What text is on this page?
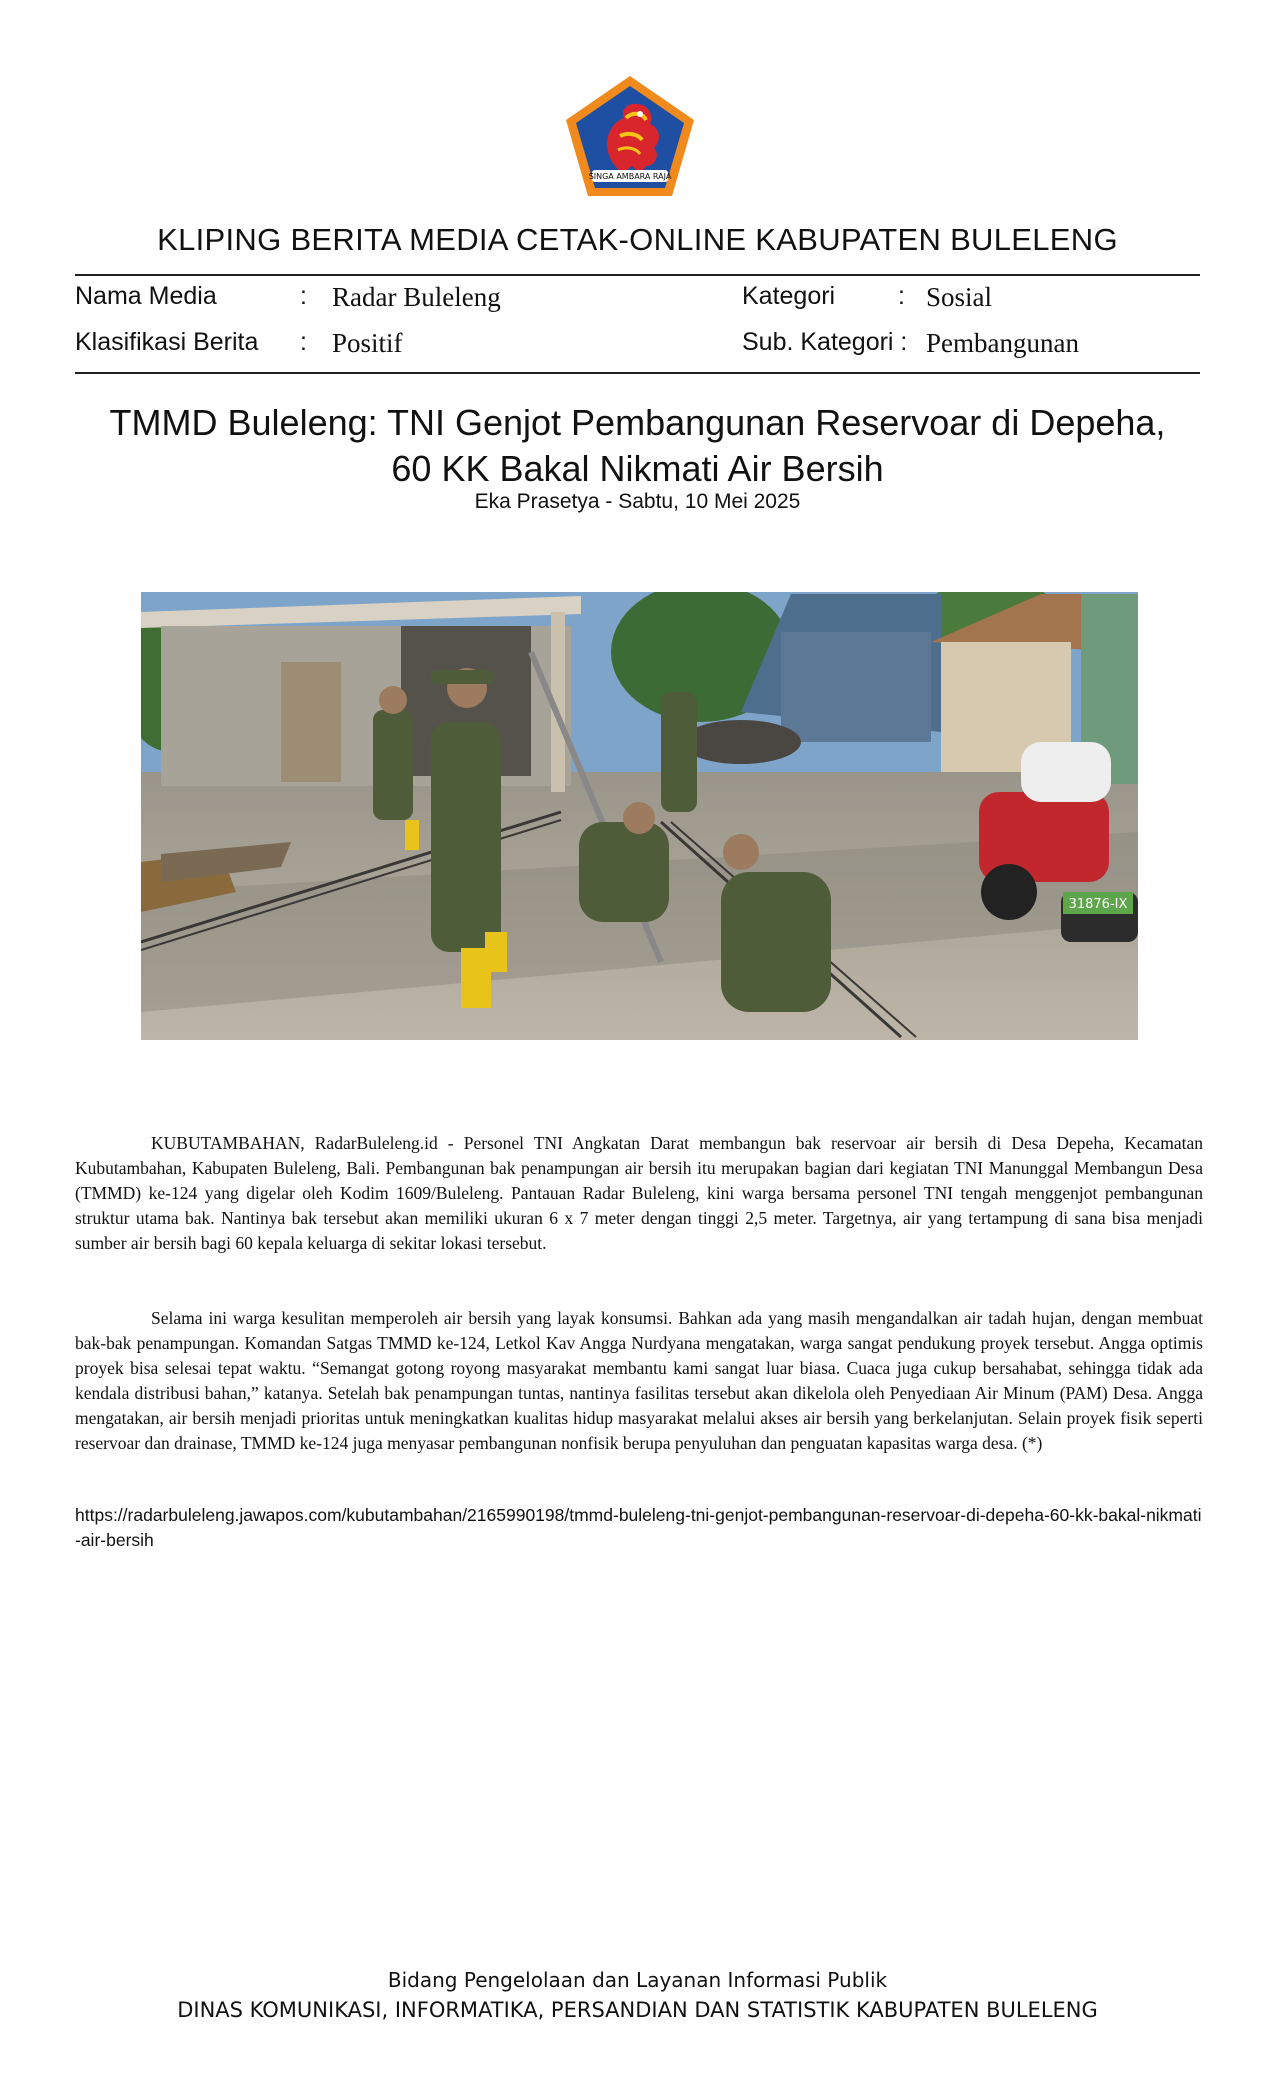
SINGA AMBARA RAJA
KLIPING BERITA MEDIA CETAK-ONLINE KABUPATEN BULELENG
Nama Media	: Radar Buleleng	Kategori	: Sosial
Klasifikasi Berita : Positif	Sub. Kategori : Pembangunan
TMMD Buleleng: TNI Genjot Pembangunan Reservoar di Depeha,
60 KK Bakal Nikmati Air Bersih
Eka Prasetya - Sabtu, 10 Mei 2025
31876-IX

KUBUTAMBAHAN, RadarBuleleng.id - Personel TNI Angkatan Darat membangun bak reservoar air bersih di Desa Depeha, Kecamatan Kubutambahan, Kabupaten Buleleng, Bali. Pembangunan bak penampungan air bersih itu merupakan bagian dari kegiatan TNI Manunggal Membangun Desa (TMMD) ke-124 yang digelar oleh Kodim 1609/Buleleng. Pantauan Radar Buleleng, kini warga bersama personel TNI tengah menggenjot pembangunan struktur utama bak. Nantinya bak tersebut akan memiliki ukuran 6 x 7 meter dengan tinggi 2,5 meter. Targetnya, air yang tertampung di sana bisa menjadi sumber air bersih bagi 60 kepala keluarga di sekitar lokasi tersebut.

Selama ini warga kesulitan memperoleh air bersih yang layak konsumsi. Bahkan ada yang masih mengandalkan air tadah hujan, dengan membuat bak-bak penampungan. Komandan Satgas TMMD ke-124, Letkol Kav Angga Nurdyana mengatakan, warga sangat pendukung proyek tersebut. Angga optimis proyek bisa selesai tepat waktu. “Semangat gotong royong masyarakat membantu kami sangat luar biasa. Cuaca juga cukup bersahabat, sehingga tidak ada kendala distribusi bahan,” katanya. Setelah bak penampungan tuntas, nantinya fasilitas tersebut akan dikelola oleh Penyediaan Air Minum (PAM) Desa. Angga mengatakan, air bersih menjadi prioritas untuk meningkatkan kualitas hidup masyarakat melalui akses air bersih yang berkelanjutan. Selain proyek fisik seperti reservoar dan drainase, TMMD ke-124 juga menyasar pembangunan nonfisik berupa penyuluhan dan penguatan kapasitas warga desa. (*)

https://radarbuleleng.jawapos.com/kubutambahan/2165990198/tmmd-buleleng-tni-genjot-pembangunan-reservoar-di-depeha-60-kk-bakal-nikmati-air-bersih
Bidang Pengelolaan dan Layanan Informasi Publik
DINAS KOMUNIKASI, INFORMATIKA, PERSANDIAN DAN STATISTIK KABUPATEN BULELENG
